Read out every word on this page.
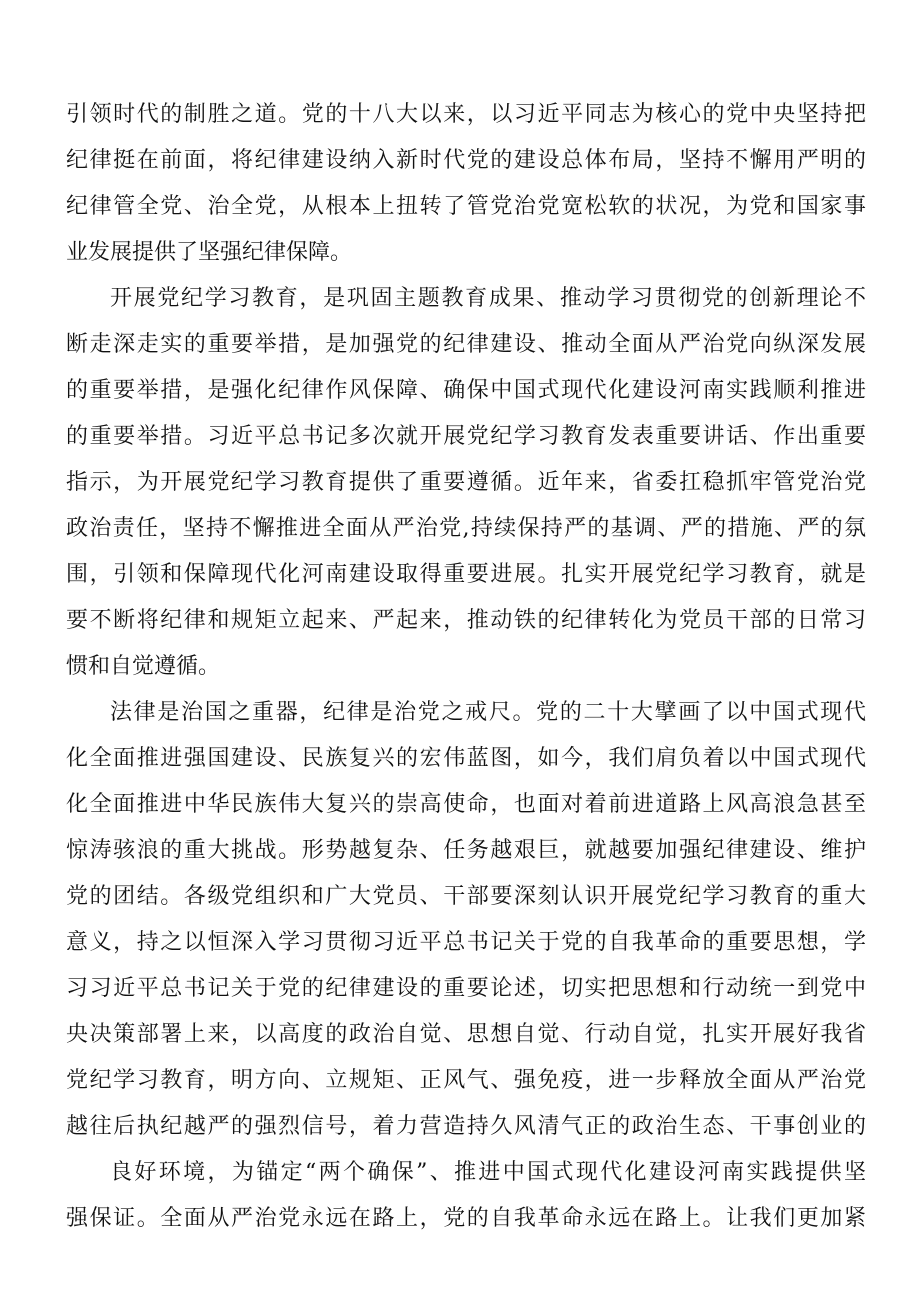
引领时代的制胜之道。党的十八大以来，以习近平同志为核心的党中央坚持把
纪律挺在前面，将纪律建设纳入新时代党的建设总体布局，坚持不懈用严明的
纪律管全党、治全党，从根本上扭转了管党治党宽松软的状况，为党和国家事
业发展提供了坚强纪律保障。
开展党纪学习教育，是巩固主题教育成果、推动学习贯彻党的创新理论不
断走深走实的重要举措，是加强党的纪律建设、推动全面从严治党向纵深发展
的重要举措，是强化纪律作风保障、确保中国式现代化建设河南实践顺利推进
的重要举措。习近平总书记多次就开展党纪学习教育发表重要讲话、作出重要
指示，为开展党纪学习教育提供了重要遵循。近年来，省委扛稳抓牢管党治党
政治责任，坚持不懈推进全面从严治党,持续保持严的基调、严的措施、严的氛
围，引领和保障现代化河南建设取得重要进展。扎实开展党纪学习教育，就是
要不断将纪律和规矩立起来、严起来，推动铁的纪律转化为党员干部的日常习
惯和自觉遵循。
法律是治国之重器，纪律是治党之戒尺。党的二十大擘画了以中国式现代
化全面推进强国建设、民族复兴的宏伟蓝图，如今，我们肩负着以中国式现代
化全面推进中华民族伟大复兴的崇高使命，也面对着前进道路上风高浪急甚至
惊涛骇浪的重大挑战。形势越复杂、任务越艰巨，就越要加强纪律建设、维护
党的团结。各级党组织和广大党员、干部要深刻认识开展党纪学习教育的重大
意义，持之以恒深入学习贯彻习近平总书记关于党的自我革命的重要思想，学
习习近平总书记关于党的纪律建设的重要论述，切实把思想和行动统一到党中
央决策部署上来，以高度的政治自觉、思想自觉、行动自觉，扎实开展好我省
党纪学习教育，明方向、立规矩、正风气、强免疫，进一步释放全面从严治党
越往后执纪越严的强烈信号，着力营造持久风清气正的政治生态、干事创业的
良好环境，为锚定“两个确保”、推进中国式现代化建设河南实践提供坚
强保证。全面从严治党永远在路上，党的自我革命永远在路上。让我们更加紧
